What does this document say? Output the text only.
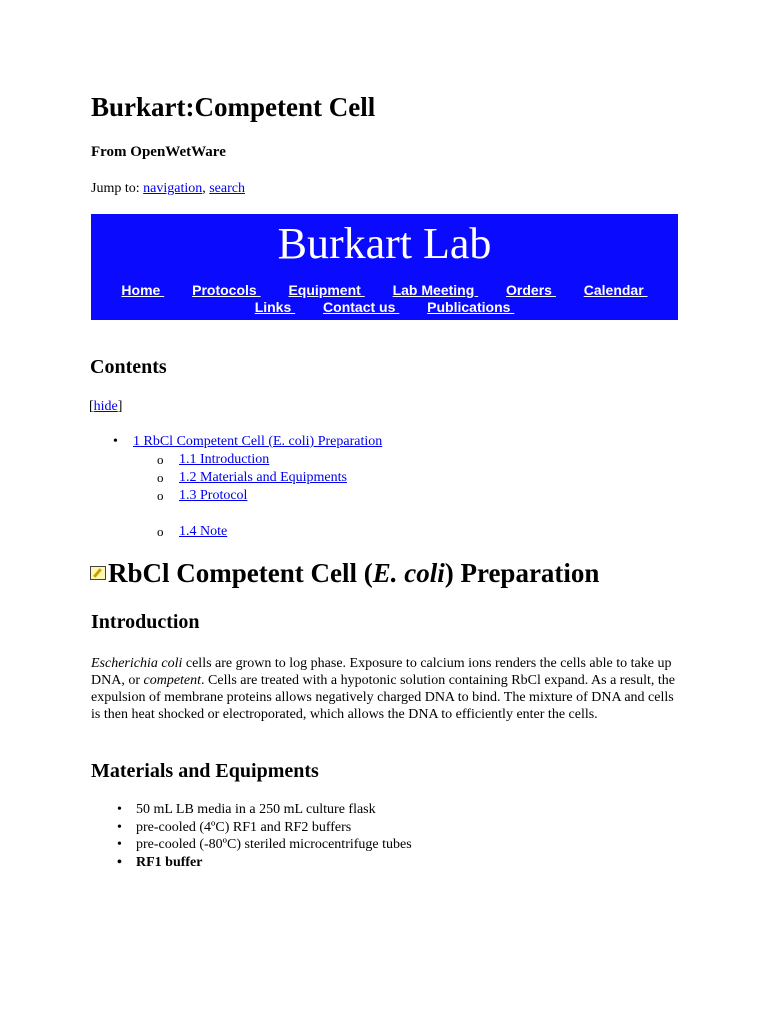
Burkart:Competent Cell
From OpenWetWare
Jump to: navigation, search
Burkart Lab
Home  Protocols  Equipment  Lab Meeting  Orders  Calendar
Links  Contact us  Publications
Contents
[hide]
• 1 RbCl Competent Cell (E. coli) Preparation
o 1.1 Introduction
o 1.2 Materials and Equipments
o 1.3 Protocol
o 1.4 Note
RbCl Competent Cell (E. coli) Preparation
Introduction
Escherichia coli cells are grown to log phase. Exposure to calcium ions renders the cells able to take up DNA, or competent. Cells are treated with a hypotonic solution containing RbCl expand. As a result, the expulsion of membrane proteins allows negatively charged DNA to bind. The mixture of DNA and cells is then heat shocked or electroporated, which allows the DNA to efficiently enter the cells.
Materials and Equipments
• 50 mL LB media in a 250 mL culture flask
• pre-cooled (4ºC) RF1 and RF2 buffers
• pre-cooled (-80ºC) steriled microcentrifuge tubes
• RF1 buffer
